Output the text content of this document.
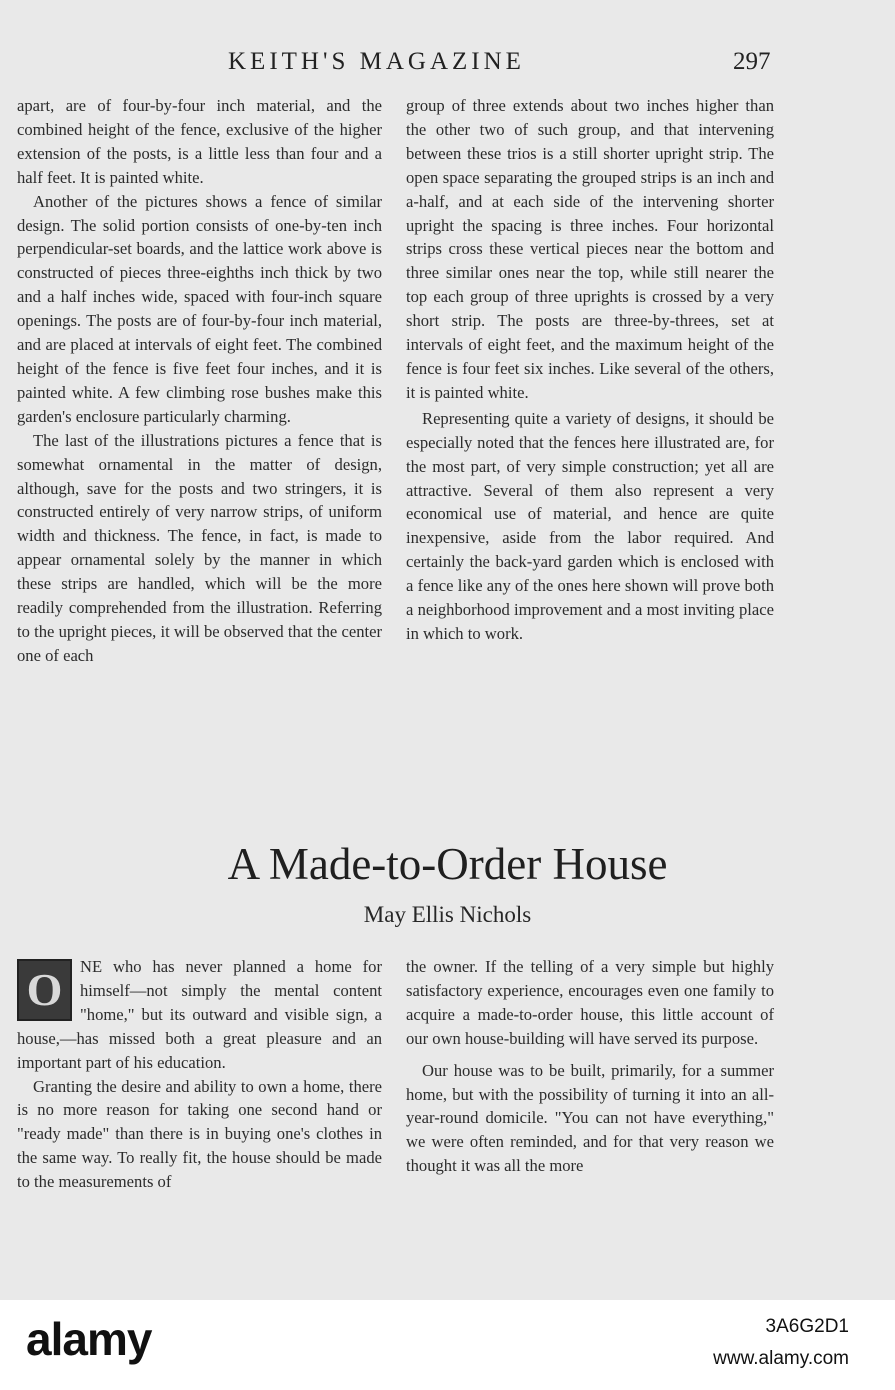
KEITH'S MAGAZINE	297

apart, are of four-by-four inch material, and the combined height of the fence, exclusive of the higher extension of the posts, is a little less than four and a half feet. It is painted white.

Another of the pictures shows a fence of similar design. The solid portion consists of one-by-ten inch perpendicular-set boards, and the lattice work above is constructed of pieces three-eighths inch thick by two and a half inches wide, spaced with four-inch square openings. The posts are of four-by-four inch material, and are placed at intervals of eight feet. The combined height of the fence is five feet four inches, and it is painted white. A few climbing rose bushes make this garden's enclosure particularly charming.

The last of the illustrations pictures a fence that is somewhat ornamental in the matter of design, although, save for the posts and two stringers, it is constructed entirely of very narrow strips, of uniform width and thickness. The fence, in fact, is made to appear ornamental solely by the manner in which these strips are handled, which will be the more readily comprehended from the illustration. Referring to the upright pieces, it will be observed that the center one of each

group of three extends about two inches higher than the other two of such group, and that intervening between these trios is a still shorter upright strip. The open space separating the grouped strips is an inch and a-half, and at each side of the intervening shorter upright the spacing is three inches. Four horizontal strips cross these vertical pieces near the bottom and three similar ones near the top, while still nearer the top each group of three uprights is crossed by a very short strip. The posts are three-by-threes, set at intervals of eight feet, and the maximum height of the fence is four feet six inches. Like several of the others, it is painted white.

Representing quite a variety of designs, it should be especially noted that the fences here illustrated are, for the most part, of very simple construction; yet all are attractive. Several of them also represent a very economical use of material, and hence are quite inexpensive, aside from the labor required. And certainly the back-yard garden which is enclosed with a fence like any of the ones here shown will prove both a neighborhood improvement and a most inviting place in which to work.

A Made-to-Order House
May Ellis Nichols
O	NE who has never planned a home for himself—not simply the mental content "home," but its outward and visible sign, a house,—has missed both a great pleasure and an important part of his education.

Granting the desire and ability to own a home, there is no more reason for taking one second hand or "ready made" than there is in buying one's clothes in the same way. To really fit, the house should be made to the measurements of

the owner. If the telling of a very simple but highly satisfactory experience, encourages even one family to acquire a made-to-order house, this little account of our own house-building will have served its purpose.

Our house was to be built, primarily, for a summer home, but with the possibility of turning it into an all-year-round domicile. "You can not have everything," we were often reminded, and for that very reason we thought it was all the more

alamy	3A6G2D1
www.alamy.com
